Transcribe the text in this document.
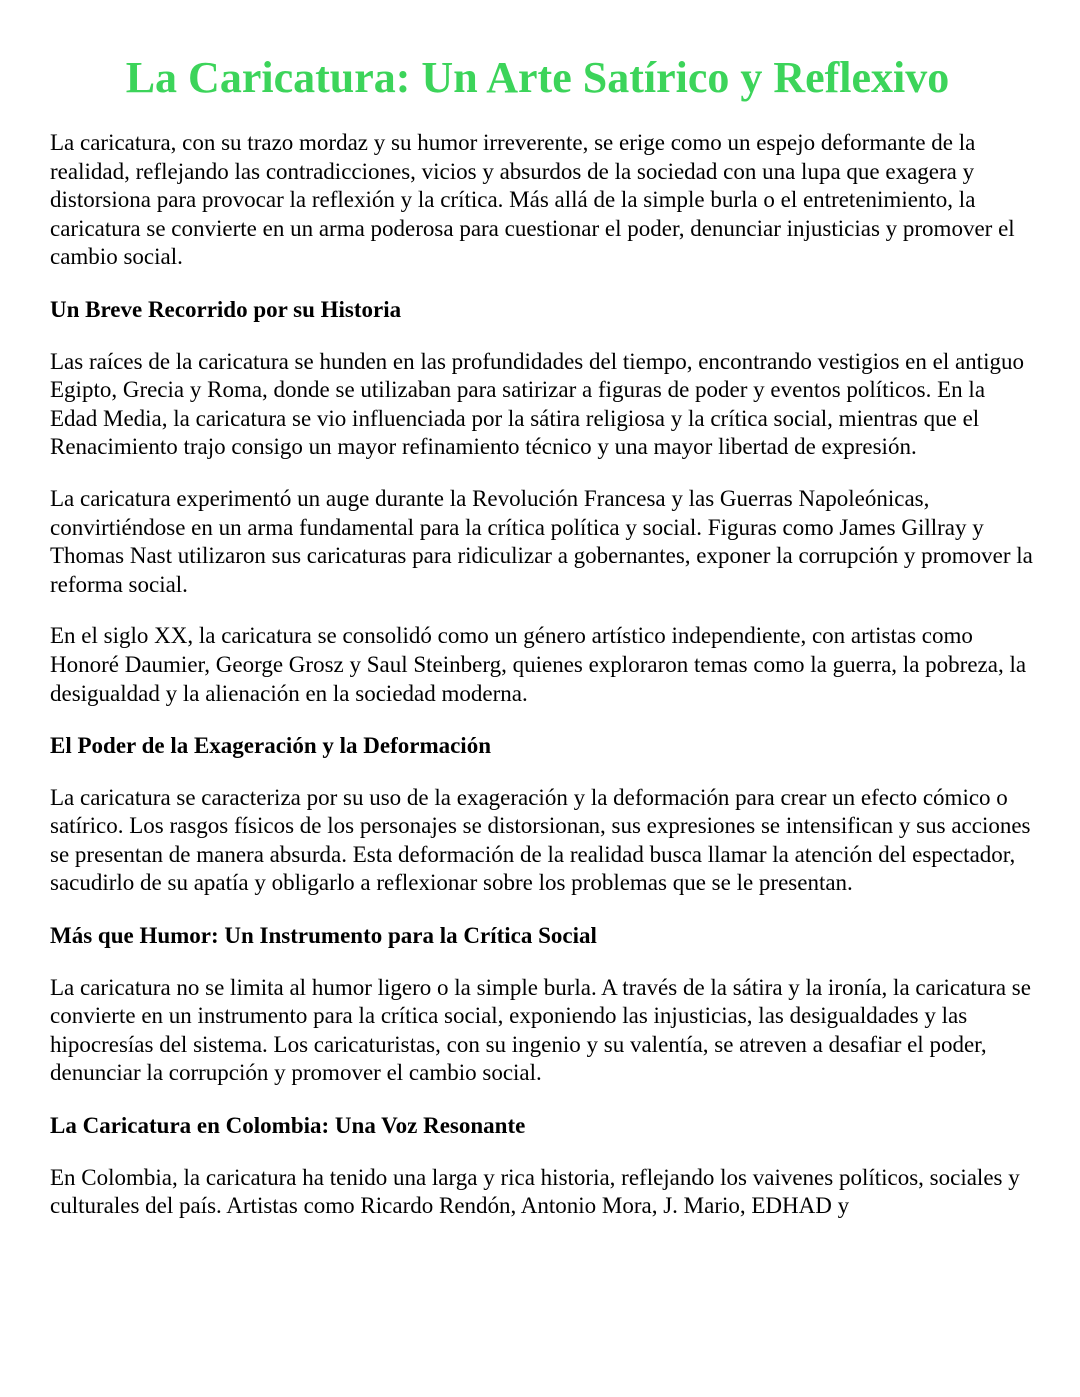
La Caricatura: Un Arte Satírico y Reflexivo

La caricatura, con su trazo mordaz y su humor irreverente, se erige como un espejo deformante de la realidad, reflejando las contradicciones, vicios y absurdos de la sociedad con una lupa que exagera y distorsiona para provocar la reflexión y la crítica. Más allá de la simple burla o el entretenimiento, la caricatura se convierte en un arma poderosa para cuestionar el poder, denunciar injusticias y promover el cambio social.

Un Breve Recorrido por su Historia

Las raíces de la caricatura se hunden en las profundidades del tiempo, encontrando vestigios en el antiguo Egipto, Grecia y Roma, donde se utilizaban para satirizar a figuras de poder y eventos políticos. En la Edad Media, la caricatura se vio influenciada por la sátira religiosa y la crítica social, mientras que el Renacimiento trajo consigo un mayor refinamiento técnico y una mayor libertad de expresión.

La caricatura experimentó un auge durante la Revolución Francesa y las Guerras Napoleónicas, convirtiéndose en un arma fundamental para la crítica política y social. Figuras como James Gillray y Thomas Nast utilizaron sus caricaturas para ridiculizar a gobernantes, exponer la corrupción y promover la reforma social.

En el siglo XX, la caricatura se consolidó como un género artístico independiente, con artistas como Honoré Daumier, George Grosz y Saul Steinberg, quienes exploraron temas como la guerra, la pobreza, la desigualdad y la alienación en la sociedad moderna.

El Poder de la Exageración y la Deformación

La caricatura se caracteriza por su uso de la exageración y la deformación para crear un efecto cómico o satírico. Los rasgos físicos de los personajes se distorsionan, sus expresiones se intensifican y sus acciones se presentan de manera absurda. Esta deformación de la realidad busca llamar la atención del espectador, sacudirlo de su apatía y obligarlo a reflexionar sobre los problemas que se le presentan.

Más que Humor: Un Instrumento para la Crítica Social

La caricatura no se limita al humor ligero o la simple burla. A través de la sátira y la ironía, la caricatura se convierte en un instrumento para la crítica social, exponiendo las injusticias, las desigualdades y las hipocresías del sistema. Los caricaturistas, con su ingenio y su valentía, se atreven a desafiar el poder, denunciar la corrupción y promover el cambio social.

La Caricatura en Colombia: Una Voz Resonante

En Colombia, la caricatura ha tenido una larga y rica historia, reflejando los vaivenes políticos, sociales y culturales del país. Artistas como Ricardo Rendón, Antonio Mora, J. Mario, EDHAD y
